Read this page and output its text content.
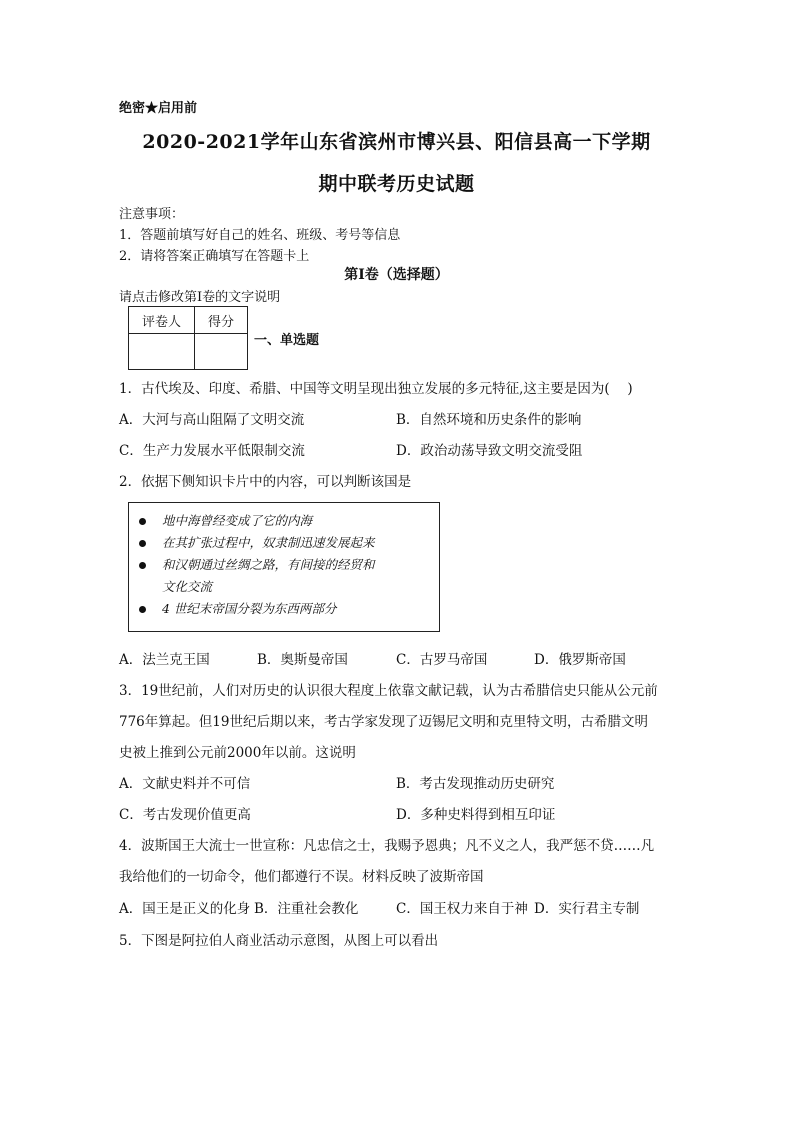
绝密★启用前
2020-2021学年山东省滨州市博兴县、阳信县高一下学期
期中联考历史试题
注意事项：
1．答题前填写好自己的姓名、班级、考号等信息
2．请将答案正确填写在答题卡上
第I卷（选择题）
请点击修改第I卷的文字说明
评卷人	得分

一、单选题
1．古代埃及、印度、希腊、中国等文明呈现出独立发展的多元特征,这主要是因为(　 )
A．大河与高山阻隔了文明交流	B．自然环境和历史条件的影响
C．生产力发展水平低限制交流	D．政治动荡导致文明交流受阻
2．依据下侧知识卡片中的内容，可以判断该国是
地中海曾经变成了它的内海
在其扩张过程中，奴隶制迅速发展起来
和汉朝通过丝绸之路，有间接的经贸和
文化交流
4 世纪末帝国分裂为东西两部分
A．法兰克王国	B．奥斯曼帝国	C．古罗马帝国	D．俄罗斯帝国
3．19世纪前，人们对历史的认识很大程度上依靠文献记载，认为古希腊信史只能从公元前
776年算起。但19世纪后期以来，考古学家发现了迈锡尼文明和克里特文明，古希腊文明
史被上推到公元前2000年以前。这说明
A．文献史料并不可信	B．考古发现推动历史研究
C．考古发现价值更高	D．多种史料得到相互印证
4．波斯国王大流士一世宣称：凡忠信之士，我赐予恩典；凡不义之人，我严惩不贷……凡
我给他们的一切命令，他们都遵行不误。材料反映了波斯帝国
A．国王是正义的化身 B．注重社会教化	C．国王权力来自于神 D．实行君主专制
5．下图是阿拉伯人商业活动示意图，从图上可以看出
